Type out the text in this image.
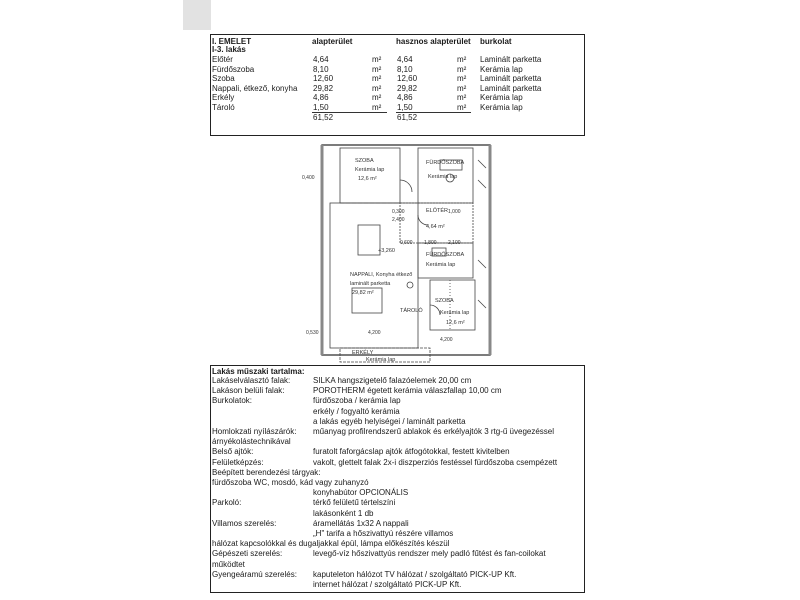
I. EMELET	alapterület	hasznos alapterület burkolat
I-3. lakás
Előtér	4,64	m² 4,64	m² Laminált parketta
Fürdőszoba	8,10	m² 8,10	m² Kerámia lap
Szoba	12,60	m² 12,60	m² Laminált parketta
Nappali, étkező, konyha 29,82	m² 29,82	m² Laminált parketta
Erkély	4,86	m² 4,86	m² Kerámia lap
Tároló	1,50	m² 1,50	m² Kerámia lap
61,52	61,52
SZOBA
Kerámia lap
12,6 m²
FÜRDŐSZOBA
Kerámia lap
ELŐTÉR
4,64 m²
FÜRDŐSZOBA
Kerámia lap
+3,260
NAPPALI, Konyha étkező
laminált parketta
29,82 m²
TÁROLÓ
SZOBA
Kerámia lap
12,6 m²
ERKÉLY
Kerámia lap
0,300	1,000
2,400
4,200
0,530
4,200
1,800 2,100
0,600
0,400
Lakás műszaki tartalma:
Lakáselválasztó falak:	SILKA hangszigetelő falazóelemek 20,00 cm
Lakáson belüli falak:	POROTHERM égetett kerámia válaszfallap 10,00 cm
Burkolatok:	fürdőszoba / kerámia lap
erkély / fogyaltó kerámia
a lakás egyéb helyiségei / laminált parketta
Homlokzati nyílászárók: műanyag profilrendszerű ablakok és erkélyajtók 3 rtg-ű üvegezéssel
árnyékolástechnikával
Belső ajtók:	furatolt faforgácslap ajtók átfogótokkal, festett kivitelben
Felületképzés:	vakolt, glettelt falak 2x-i diszperziós festéssel fürdőszoba csempézett
Beépített berendezési tárgyak:
fürdőszoba WC, mosdó, kád vagy zuhanyzó
konyhabútor OPCIONÁLIS
Parkoló:	térkő felületű tértelszíni
lakásonként 1 db
Villamos szerelés:	áramellátás 1x32 A nappali
„H" tarifa a hőszivattyú részére villamos
hálózat kapcsolókkal és dugaljakkal épül, lámpa előkészítés készül
Gépészeti szerelés:	levegő-víz hőszivattyús rendszer mely padló fűtést és fan-coilokat
működtet
Gyengeáramú szerelés: kaputeleton hálózot TV hálózat / szolgáltató PICK-UP Kft.
internet hálózat / szolgáltató PICK-UP Kft.
